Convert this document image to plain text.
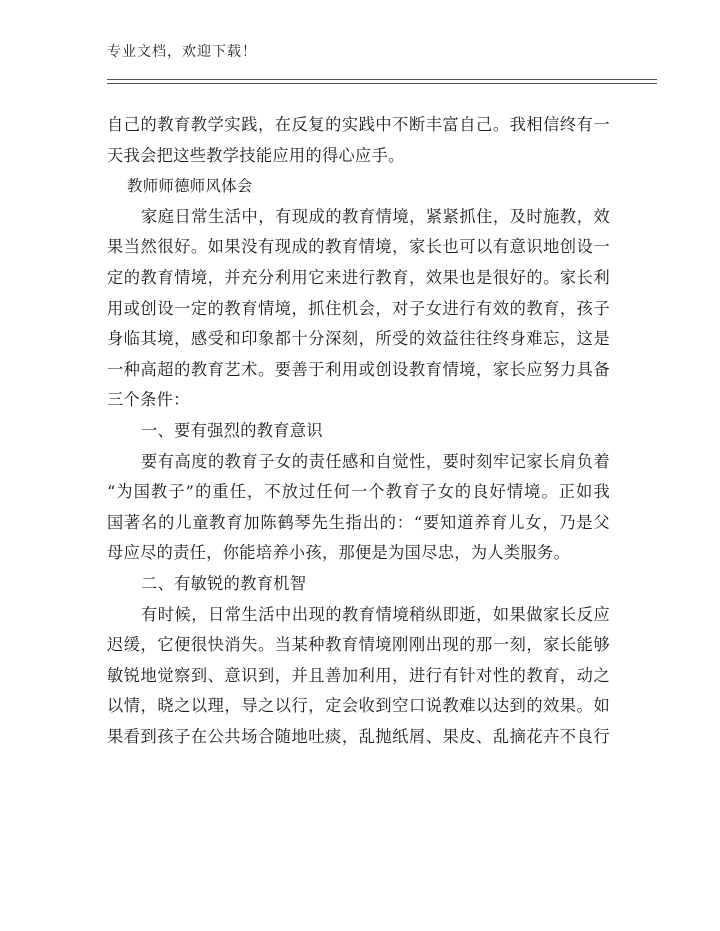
专业文档，欢迎下载！
自己的教育教学实践，在反复的实践中不断丰富自己。我相信终有一
天我会把这些教学技能应用的得心应手。
教师师德师风体会
家庭日常生活中，有现成的教育情境，紧紧抓住，及时施教，效
果当然很好。如果没有现成的教育情境，家长也可以有意识地创设一
定的教育情境，并充分利用它来进行教育，效果也是很好的。家长利
用或创设一定的教育情境，抓住机会，对子女进行有效的教育，孩子
身临其境，感受和印象都十分深刻，所受的效益往往终身难忘，这是
一种高超的教育艺术。要善于利用或创设教育情境，家长应努力具备
三个条件：
一、要有强烈的教育意识
要有高度的教育子女的责任感和自觉性，要时刻牢记家长肩负着
“为国教子”的重任，不放过任何一个教育子女的良好情境。正如我
国著名的儿童教育加陈鹤琴先生指出的：“要知道养育儿女，乃是父
母应尽的责任，你能培养小孩，那便是为国尽忠，为人类服务。
二、有敏锐的教育机智
有时候，日常生活中出现的教育情境稍纵即逝，如果做家长反应
迟缓，它便很快消失。当某种教育情境刚刚出现的那一刻，家长能够
敏锐地觉察到、意识到，并且善加利用，进行有针对性的教育，动之
以情，晓之以理，导之以行，定会收到空口说教难以达到的效果。如
果看到孩子在公共场合随地吐痰，乱抛纸屑、果皮、乱摘花卉不良行
